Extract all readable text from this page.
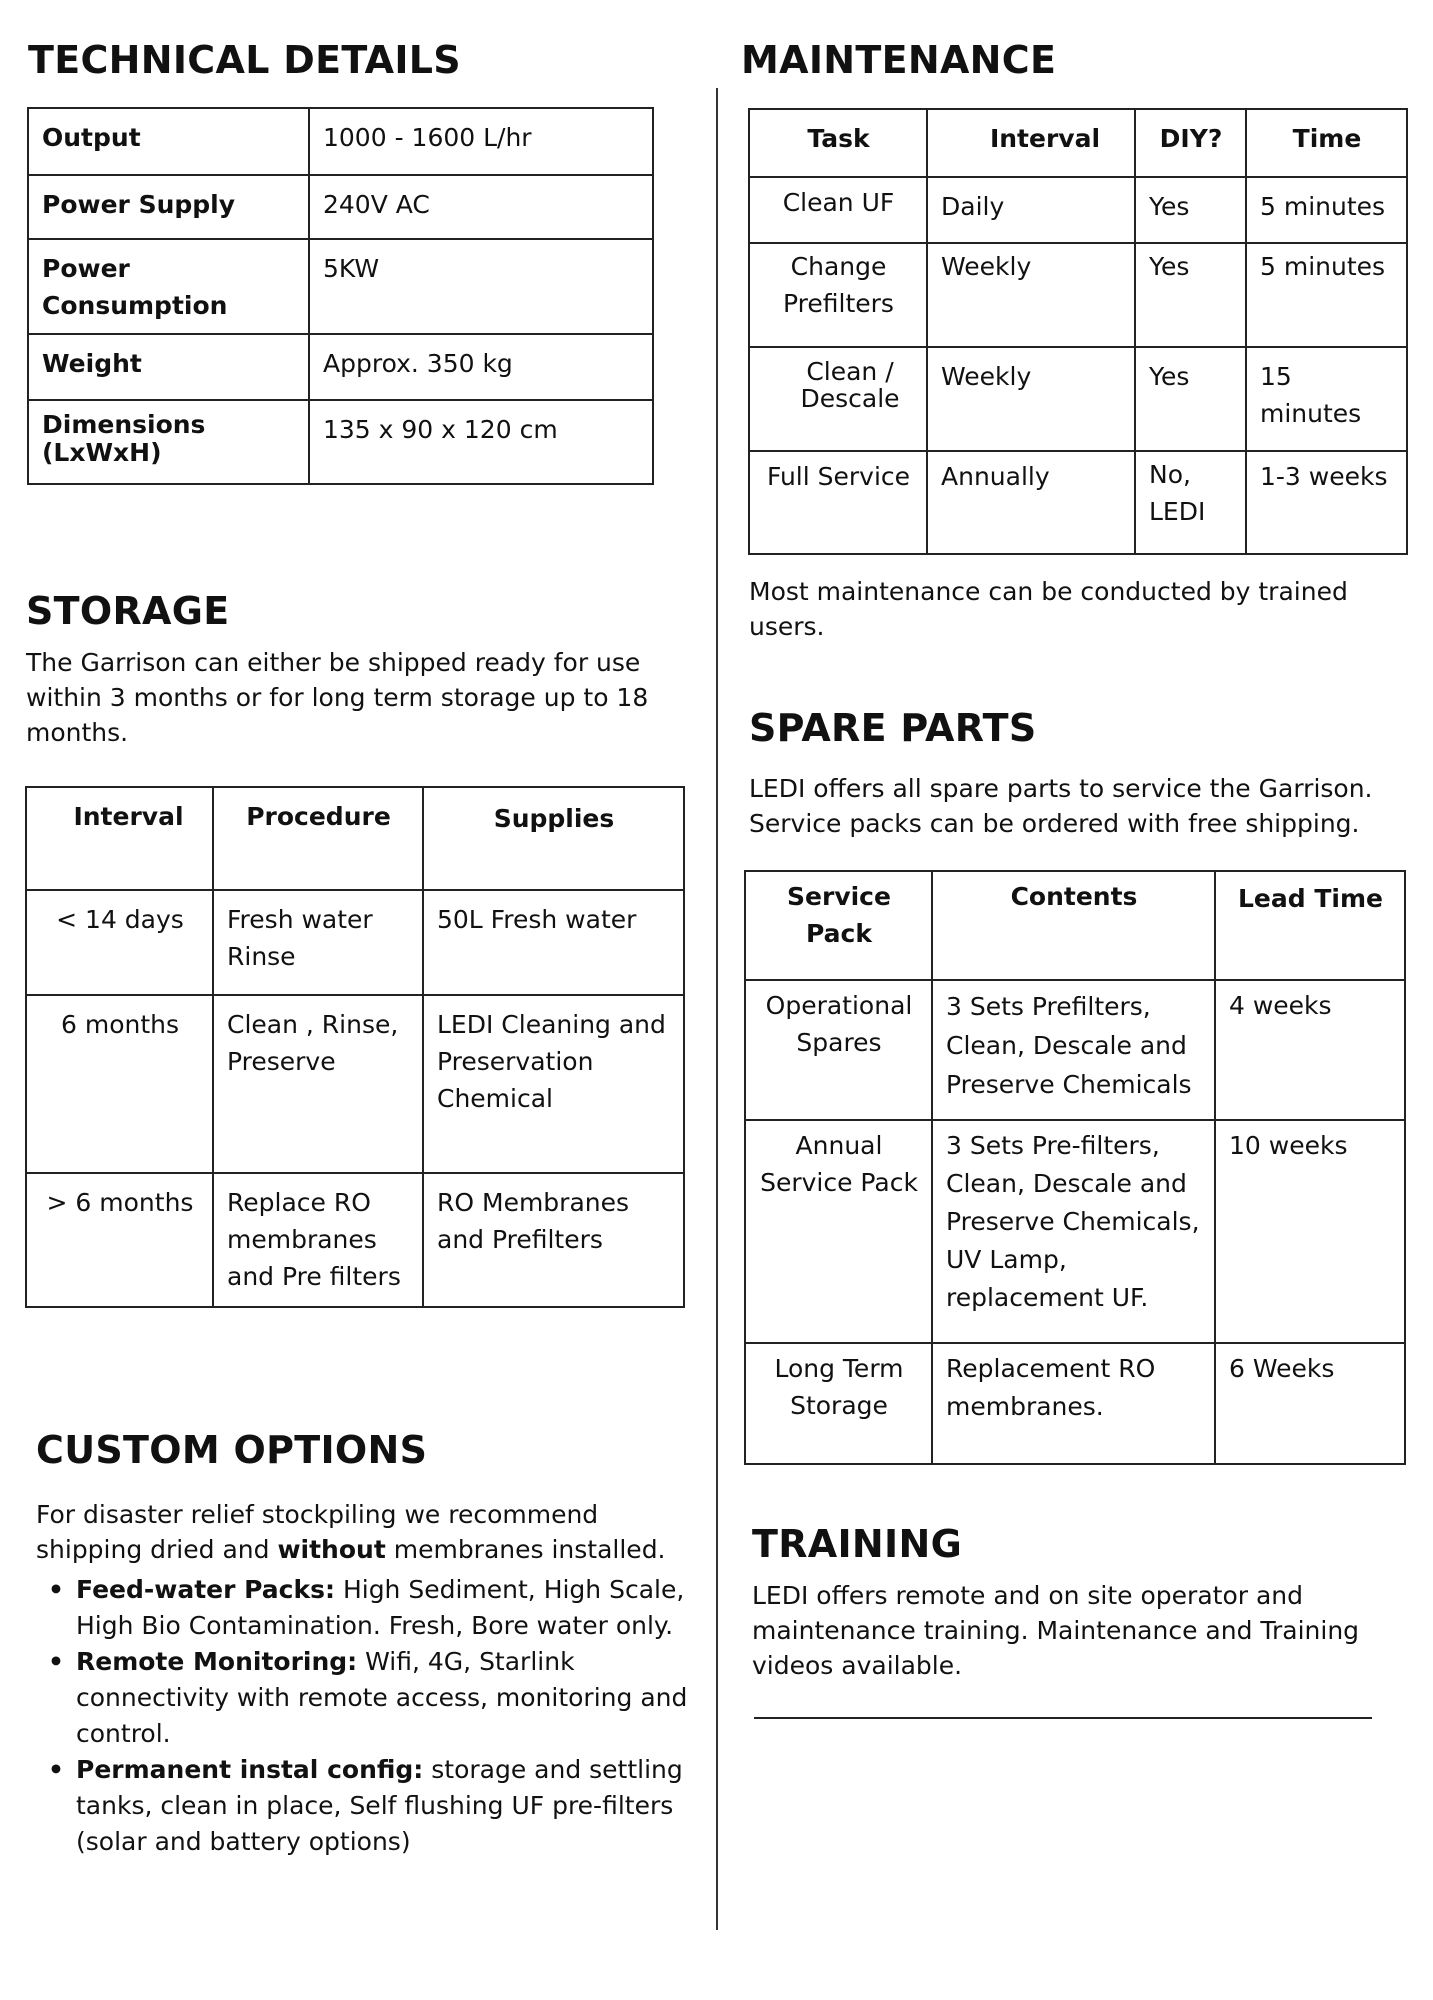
TECHNICAL DETAILS
Output	1000 - 1600 L/hr
Power Supply	240V AC
Power Consumption	5KW
Weight	Approx. 350 kg
Dimensions (LxWxH)	135 x 90 x 120 cm
STORAGE

The Garrison can either be shipped ready for use within 3 months or for long term storage up to 18 months.

Interval	Procedure	Supplies
< 14 days	Fresh water Rinse	50L Fresh water
6 months	Clean , Rinse, Preserve	LEDI Cleaning and Preservation Chemical
> 6 months	Replace RO membranes and Pre filters	RO Membranes and Prefilters
CUSTOM OPTIONS

For disaster relief stockpiling we recommend shipping dried and without membranes installed.

• Feed-water Packs: High Sediment, High Scale, High Bio Contamination. Fresh, Bore water only.
• Remote Monitoring: Wifi, 4G, Starlink connectivity with remote access, monitoring and control.
• Permanent instal config: storage and settling tanks, clean in place, Self flushing UF pre-filters (solar and battery options)
MAINTENANCE
Task	Interval	DIY?	Time
Clean UF	Daily	Yes	5 minutes
Change Prefilters	Weekly	Yes	5 minutes
Clean / Descale	Weekly	Yes	15 minutes
Full Service	Annually	No, LEDI	1-3 weeks

Most maintenance can be conducted by trained users.

SPARE PARTS

LEDI offers all spare parts to service the Garrison. Service packs can be ordered with free shipping.

Service Pack	Contents	Lead Time
Operational Spares	3 Sets Prefilters, Clean, Descale and Preserve Chemicals	4 weeks
Annual Service Pack	3 Sets Pre-filters, Clean, Descale and Preserve Chemicals, UV Lamp, replacement UF.	10 weeks
Long Term Storage	Replacement RO membranes.	6 Weeks
TRAINING

LEDI offers remote and on site operator and maintenance training. Maintenance and Training videos available.
